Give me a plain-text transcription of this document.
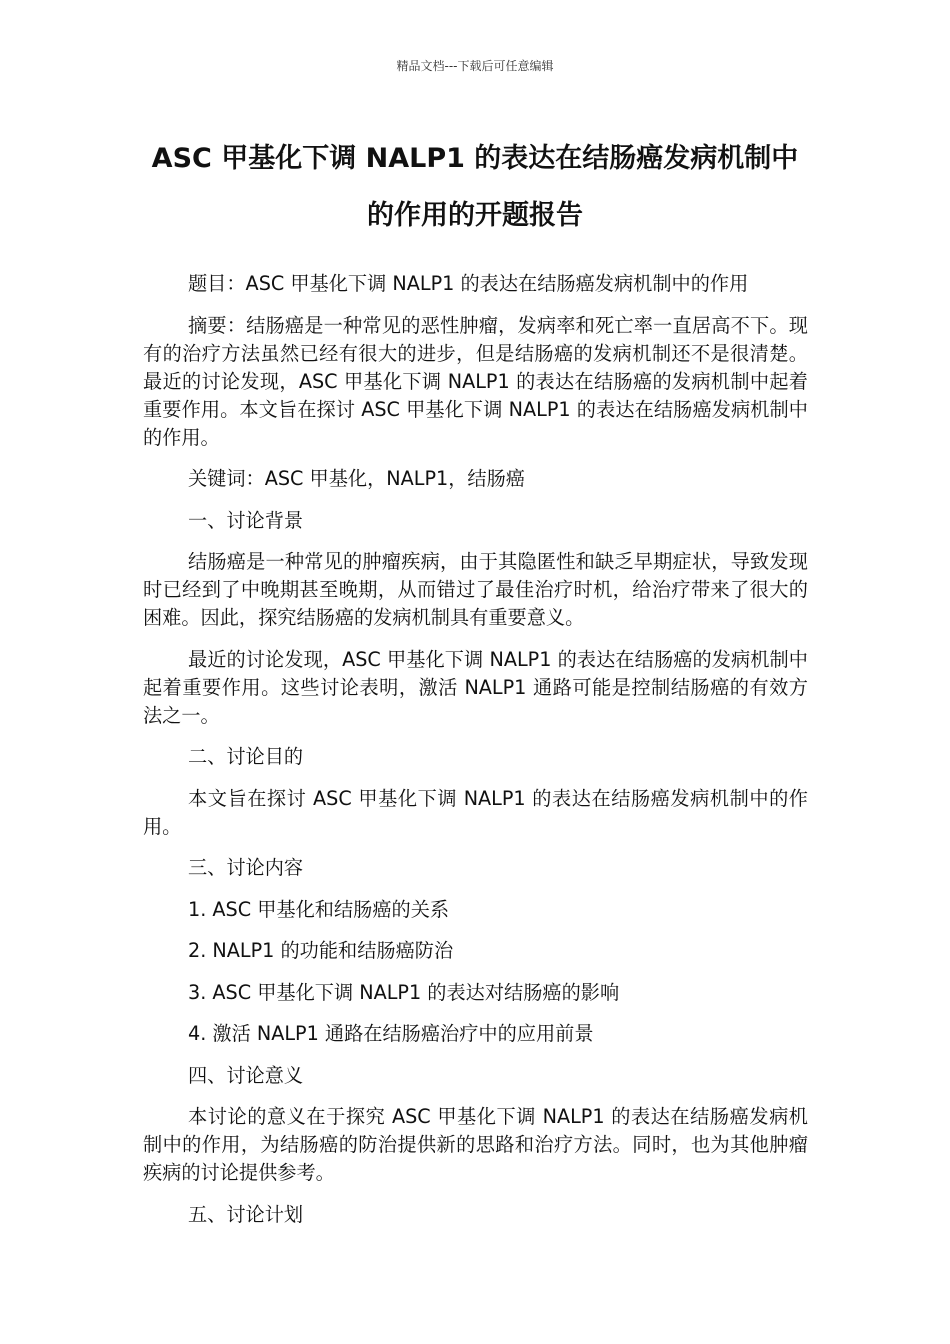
精品文档---下载后可任意编辑
ASC 甲基化下调 NALP1 的表达在结肠癌发病机制中
的作用的开题报告

题目：ASC 甲基化下调 NALP1 的表达在结肠癌发病机制中的作用

摘要：结肠癌是一种常见的恶性肿瘤，发病率和死亡率一直居高不下。现有的治疗方法虽然已经有很大的进步，但是结肠癌的发病机制还不是很清楚。最近的讨论发现，ASC 甲基化下调 NALP1 的表达在结肠癌的发病机制中起着重要作用。本文旨在探讨 ASC 甲基化下调 NALP1 的表达在结肠癌发病机制中的作用。

关键词：ASC 甲基化，NALP1，结肠癌

一、讨论背景

结肠癌是一种常见的肿瘤疾病，由于其隐匿性和缺乏早期症状，导致发现时已经到了中晚期甚至晚期，从而错过了最佳治疗时机，给治疗带来了很大的困难。因此，探究结肠癌的发病机制具有重要意义。

最近的讨论发现，ASC 甲基化下调 NALP1 的表达在结肠癌的发病机制中起着重要作用。这些讨论表明，激活 NALP1 通路可能是控制结肠癌的有效方法之一。

二、讨论目的

本文旨在探讨 ASC 甲基化下调 NALP1 的表达在结肠癌发病机制中的作用。

三、讨论内容

1. ASC 甲基化和结肠癌的关系

2. NALP1 的功能和结肠癌防治

3. ASC 甲基化下调 NALP1 的表达对结肠癌的影响

4. 激活 NALP1 通路在结肠癌治疗中的应用前景

四、讨论意义

本讨论的意义在于探究 ASC 甲基化下调 NALP1 的表达在结肠癌发病机制中的作用，为结肠癌的防治提供新的思路和治疗方法。同时，也为其他肿瘤疾病的讨论提供参考。

五、讨论计划
